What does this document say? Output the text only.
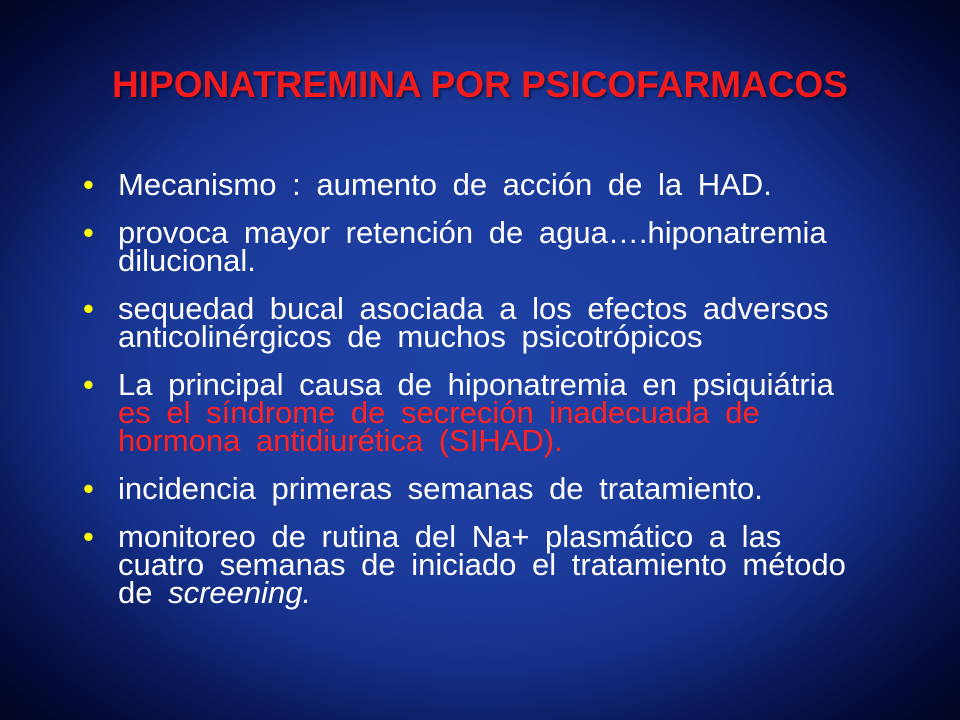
HIPONATREMINA POR PSICOFARMACOS
• Mecanismo : aumento de acción de la HAD.
• provoca mayor retención de agua….hiponatremia
dilucional.
• sequedad bucal asociada a los efectos adversos
anticolinérgicos de muchos psicotrópicos
• La principal causa de hiponatremia en psiquiátria
es el síndrome de secreción inadecuada de
hormona antidiurética (SIHAD).
• incidencia primeras semanas de tratamiento.
• monitoreo de rutina del Na+ plasmático a las
cuatro semanas de iniciado el tratamiento método
de screening.
